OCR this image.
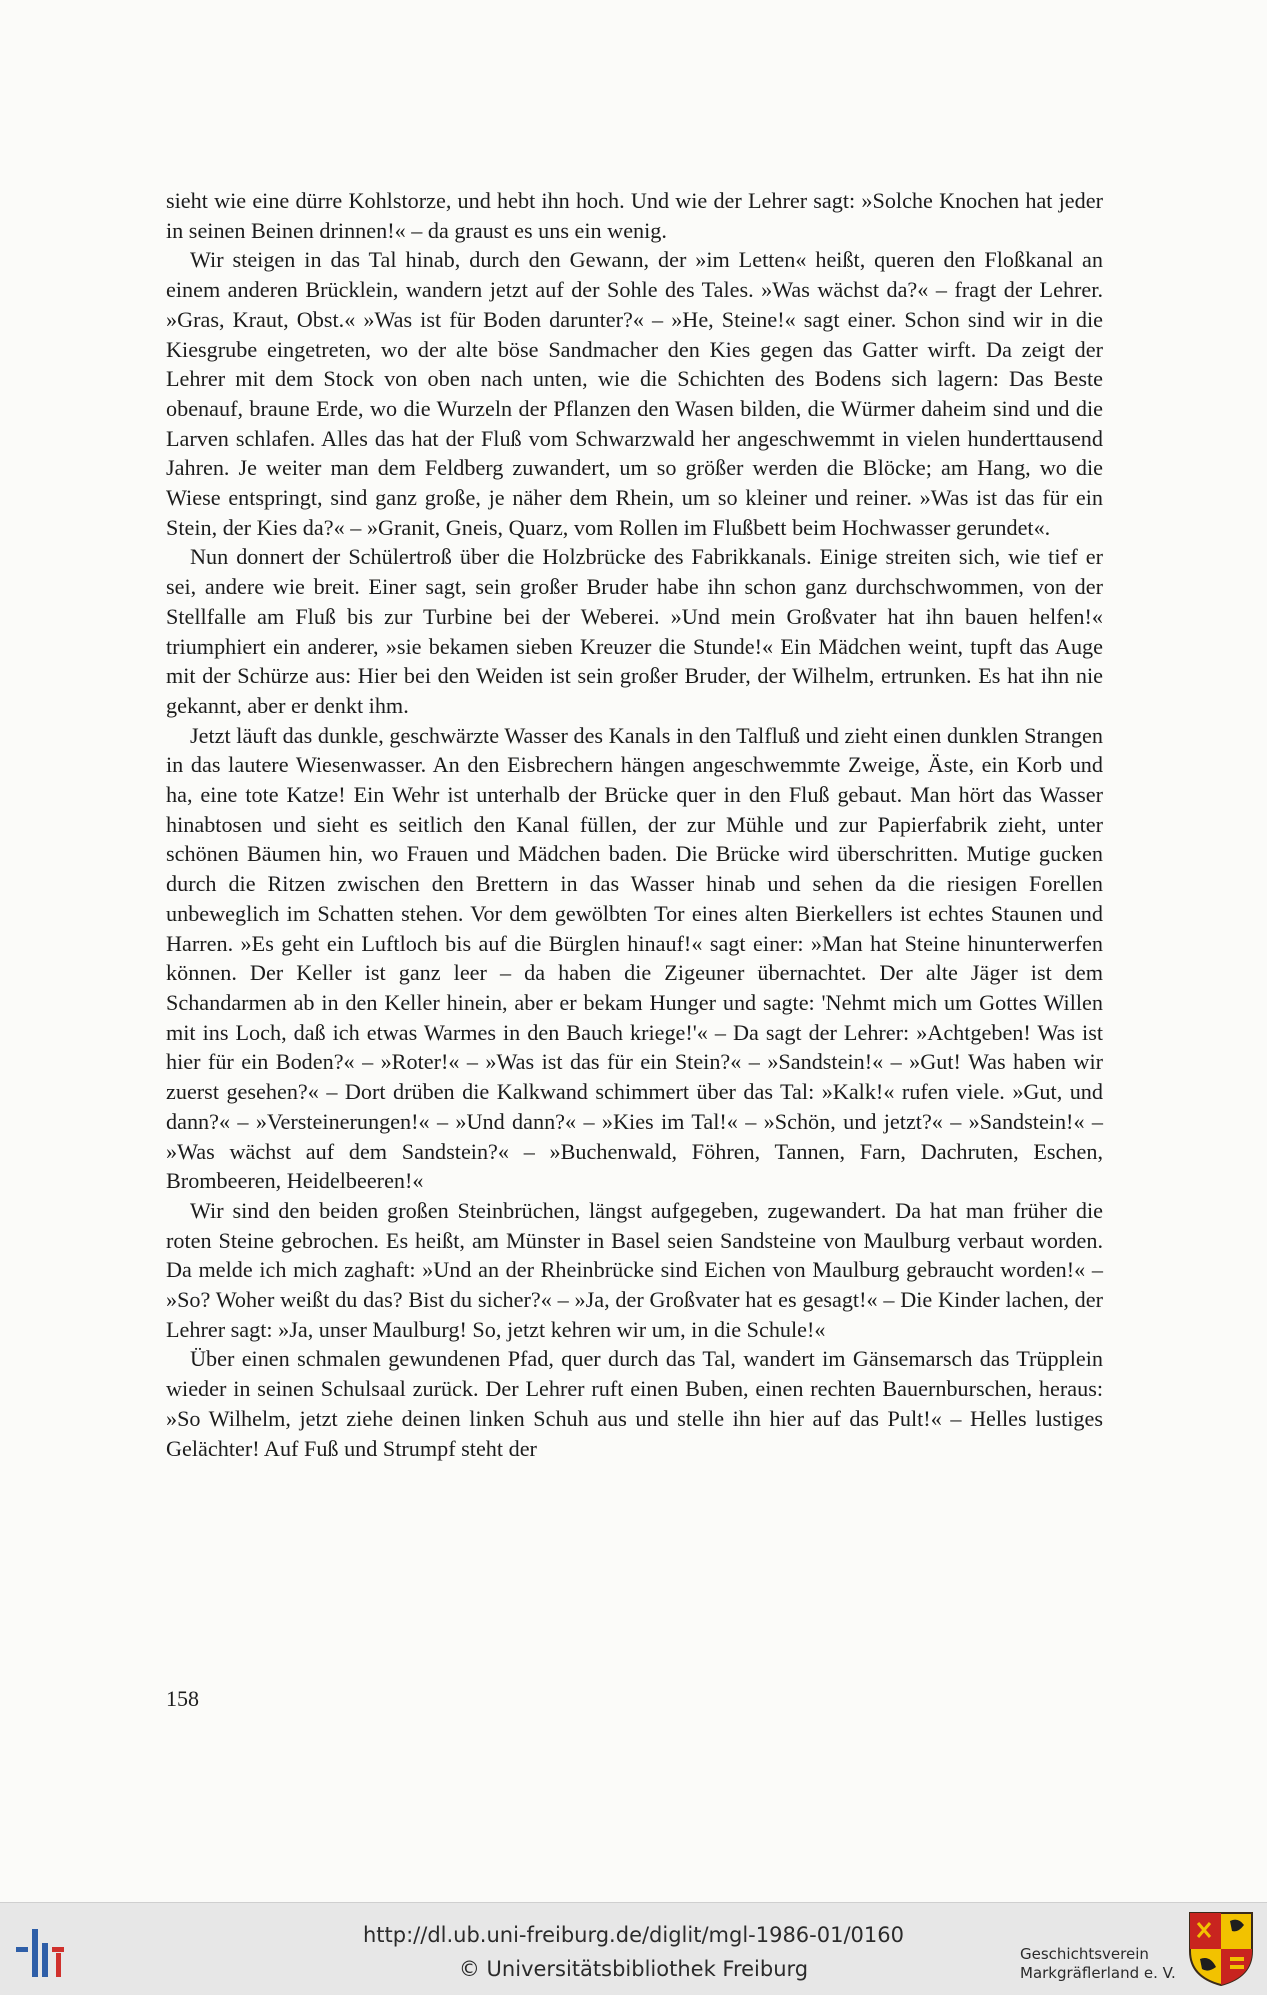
sieht wie eine dürre Kohlstorze, und hebt ihn hoch. Und wie der Lehrer sagt: »Solche Knochen hat jeder in seinen Beinen drinnen!« – da graust es uns ein wenig.

Wir steigen in das Tal hinab, durch den Gewann, der »im Letten« heißt, queren den Floßkanal an einem anderen Brücklein, wandern jetzt auf der Sohle des Tales. »Was wächst da?« – fragt der Lehrer. »Gras, Kraut, Obst.« »Was ist für Boden darunter?« – »He, Steine!« sagt einer. Schon sind wir in die Kiesgrube eingetreten, wo der alte böse Sandmacher den Kies gegen das Gatter wirft. Da zeigt der Lehrer mit dem Stock von oben nach unten, wie die Schichten des Bodens sich lagern: Das Beste obenauf, braune Erde, wo die Wurzeln der Pflanzen den Wasen bilden, die Würmer daheim sind und die Larven schlafen. Alles das hat der Fluß vom Schwarzwald her angeschwemmt in vielen hunderttausend Jahren. Je weiter man dem Feldberg zuwandert, um so größer werden die Blöcke; am Hang, wo die Wiese entspringt, sind ganz große, je näher dem Rhein, um so kleiner und reiner. »Was ist das für ein Stein, der Kies da?« – »Granit, Gneis, Quarz, vom Rollen im Flußbett beim Hochwasser gerundet«.

Nun donnert der Schülertroß über die Holzbrücke des Fabrikkanals. Einige streiten sich, wie tief er sei, andere wie breit. Einer sagt, sein großer Bruder habe ihn schon ganz durchschwommen, von der Stellfalle am Fluß bis zur Turbine bei der Weberei. »Und mein Großvater hat ihn bauen helfen!« triumphiert ein anderer, »sie bekamen sieben Kreuzer die Stunde!« Ein Mädchen weint, tupft das Auge mit der Schürze aus: Hier bei den Weiden ist sein großer Bruder, der Wilhelm, ertrunken. Es hat ihn nie gekannt, aber er denkt ihm.

Jetzt läuft das dunkle, geschwärzte Wasser des Kanals in den Talfluß und zieht einen dunklen Strangen in das lautere Wiesenwasser. An den Eisbrechern hängen angeschwemmte Zweige, Äste, ein Korb und ha, eine tote Katze! Ein Wehr ist unterhalb der Brücke quer in den Fluß gebaut. Man hört das Wasser hinabtosen und sieht es seitlich den Kanal füllen, der zur Mühle und zur Papierfabrik zieht, unter schönen Bäumen hin, wo Frauen und Mädchen baden. Die Brücke wird überschritten. Mutige gucken durch die Ritzen zwischen den Brettern in das Wasser hinab und sehen da die riesigen Forellen unbeweglich im Schatten stehen. Vor dem gewölbten Tor eines alten Bierkellers ist echtes Staunen und Harren. »Es geht ein Luftloch bis auf die Bürglen hinauf!« sagt einer: »Man hat Steine hinunterwerfen können. Der Keller ist ganz leer – da haben die Zigeuner übernachtet. Der alte Jäger ist dem Schandarmen ab in den Keller hinein, aber er bekam Hunger und sagte: 'Nehmt mich um Gottes Willen mit ins Loch, daß ich etwas Warmes in den Bauch kriege!'« – Da sagt der Lehrer: »Achtgeben! Was ist hier für ein Boden?« – »Roter!« – »Was ist das für ein Stein?« – »Sandstein!« – »Gut! Was haben wir zuerst gesehen?« – Dort drüben die Kalkwand schimmert über das Tal: »Kalk!« rufen viele. »Gut, und dann?« – »Versteinerungen!« – »Und dann?« – »Kies im Tal!« – »Schön, und jetzt?« – »Sandstein!« – »Was wächst auf dem Sandstein?« – »Buchenwald, Föhren, Tannen, Farn, Dachruten, Eschen, Brombeeren, Heidelbeeren!«

Wir sind den beiden großen Steinbrüchen, längst aufgegeben, zugewandert. Da hat man früher die roten Steine gebrochen. Es heißt, am Münster in Basel seien Sandsteine von Maulburg verbaut worden. Da melde ich mich zaghaft: »Und an der Rheinbrücke sind Eichen von Maulburg gebraucht worden!« – »So? Woher weißt du das? Bist du sicher?« – »Ja, der Großvater hat es gesagt!« – Die Kinder lachen, der Lehrer sagt: »Ja, unser Maulburg! So, jetzt kehren wir um, in die Schule!«

Über einen schmalen gewundenen Pfad, quer durch das Tal, wandert im Gänsemarsch das Trüpplein wieder in seinen Schulsaal zurück. Der Lehrer ruft einen Buben, einen rechten Bauernburschen, heraus: »So Wilhelm, jetzt ziehe deinen linken Schuh aus und stelle ihn hier auf das Pult!« – Helles lustiges Gelächter! Auf Fuß und Strumpf steht der

158
http://dl.ub.uni-freiburg.de/diglit/mgl-1986-01/0160
© Universitätsbibliothek Freiburg
Geschichtsverein
Markgräflerland e. V.
